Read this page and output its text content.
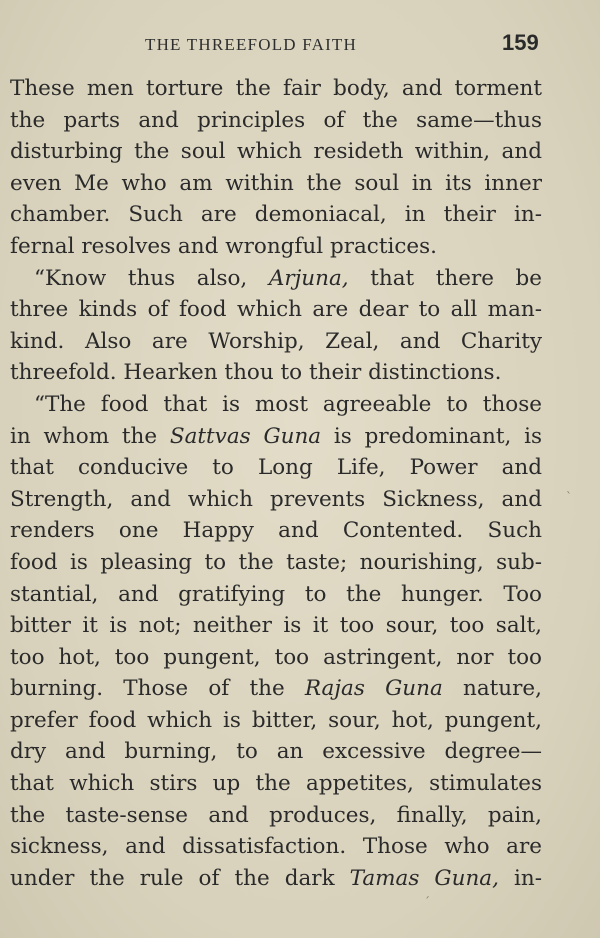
THE THREEFOLD FAITH	159
These men torture the fair body, and torment
the parts and principles of the same—thus
disturbing the soul which resideth within, and
even Me who am within the soul in its inner
chamber. Such are demoniacal, in their in-
fernal resolves and wrongful practices.
“Know thus also, Arjuna, that there be
three kinds of food which are dear to all man-
kind. Also are Worship, Zeal, and Charity
threefold. Hearken thou to their distinctions.
“The food that is most agreeable to those
in whom the Sattvas Guna is predominant, is
that conducive to Long Life, Power and
Strength, and which prevents Sickness, and
renders one Happy and Contented. Such
food is pleasing to the taste; nourishing, sub-
stantial, and gratifying to the hunger. Too
bitter it is not; neither is it too sour, too salt,
too hot, too pungent, too astringent, nor too
burning. Those of the Rajas Guna nature,
prefer food which is bitter, sour, hot, pungent,
dry and burning, to an excessive degree—
that which stirs up the appetites, stimulates
the taste-sense and produces, finally, pain,
sickness, and dissatisfaction. Those who are
under the rule of the dark Tamas Guna, in-
ˋ
ˊ
